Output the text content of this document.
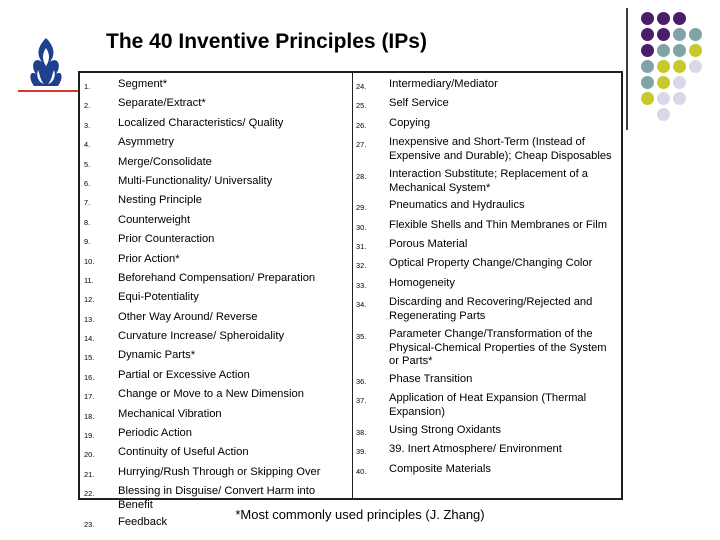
The 40 Inventive Principles (IPs)
1.	Segment*
2.	Separate/Extract*
3.	Localized Characteristics/ Quality
4.	Asymmetry
5.	Merge/Consolidate
6.	Multi-Functionality/ Universality
7.	Nesting Principle
8.	Counterweight
9.	Prior Counteraction
10.	Prior Action*
11.	Beforehand Compensation/ Preparation
12.	Equi-Potentiality
13.	Other Way Around/ Reverse
14.	Curvature Increase/ Spheroidality
15.	Dynamic Parts*
16.	Partial or Excessive Action
17.	Change or Move to a New Dimension
18.	Mechanical Vibration
19.	Periodic Action
20.	Continuity of Useful Action
21.	Hurrying/Rush Through or Skipping Over
22.	Blessing in Disguise/ Convert Harm into Benefit
23.	Feedback
24.	Intermediary/Mediator
25.	Self Service
26.	Copying
27.	Inexpensive and Short-Term (Instead of Expensive and Durable); Cheap Disposables
28.	Interaction Substitute; Replacement of a Mechanical System*
29.	Pneumatics and Hydraulics
30.	Flexible Shells and Thin Membranes or Film
31.	Porous Material
32.	Optical Property Change/Changing Color
33.	Homogeneity
34.	Discarding and Recovering/Rejected and Regenerating Parts
35.	Parameter Change/Transformation of the Physical-Chemical Properties of the System or Parts*
36.	Phase Transition
37.	Application of Heat Expansion (Thermal Expansion)
38.	Using Strong Oxidants
39.	39. Inert Atmosphere/ Environment
40.	Composite Materials
*Most commonly used principles (J. Zhang)
